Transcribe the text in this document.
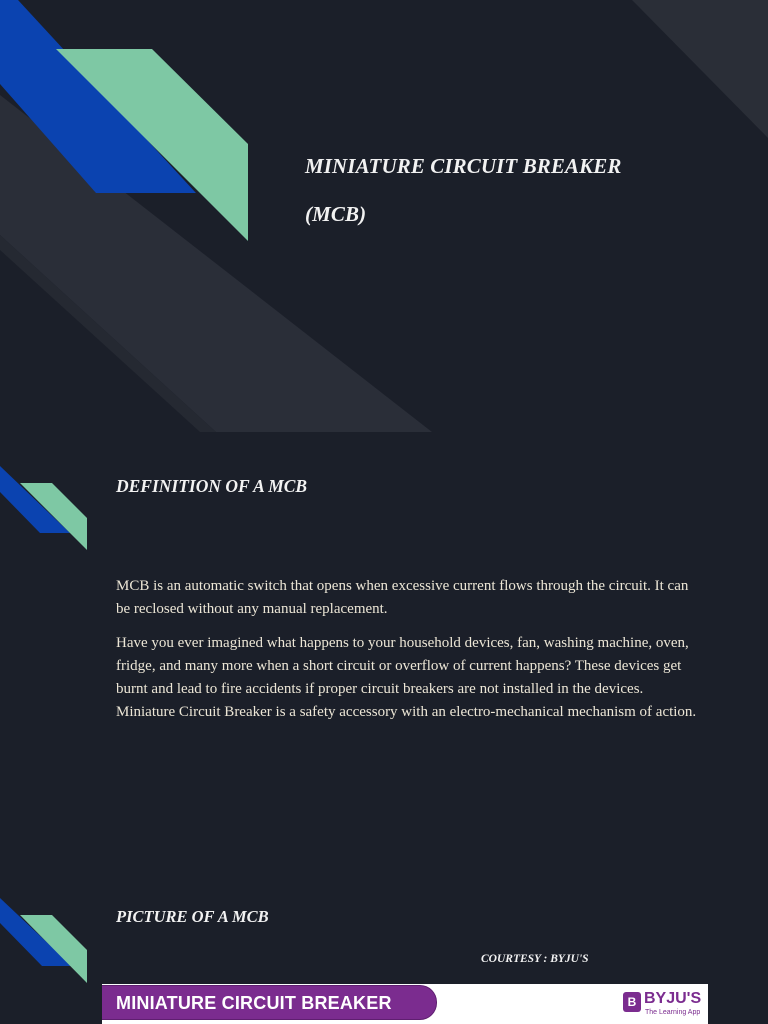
MINIATURE CIRCUIT BREAKER
(MCB)
DEFINITION OF A MCB

MCB is an automatic switch that opens when excessive current flows through the circuit. It can be reclosed without any manual replacement.

Have you ever imagined what happens to your household devices, fan, washing machine, oven, fridge, and many more when a short circuit or overflow of current happens? These devices get burnt and lead to fire accidents if proper circuit breakers are not installed in the devices. Miniature Circuit Breaker is a safety accessory with an electro-mechanical mechanism of action.

PICTURE OF A MCB
COURTESY : BYJU'S
MINIATURE CIRCUIT BREAKER	B BYJU'S
The Learning App
